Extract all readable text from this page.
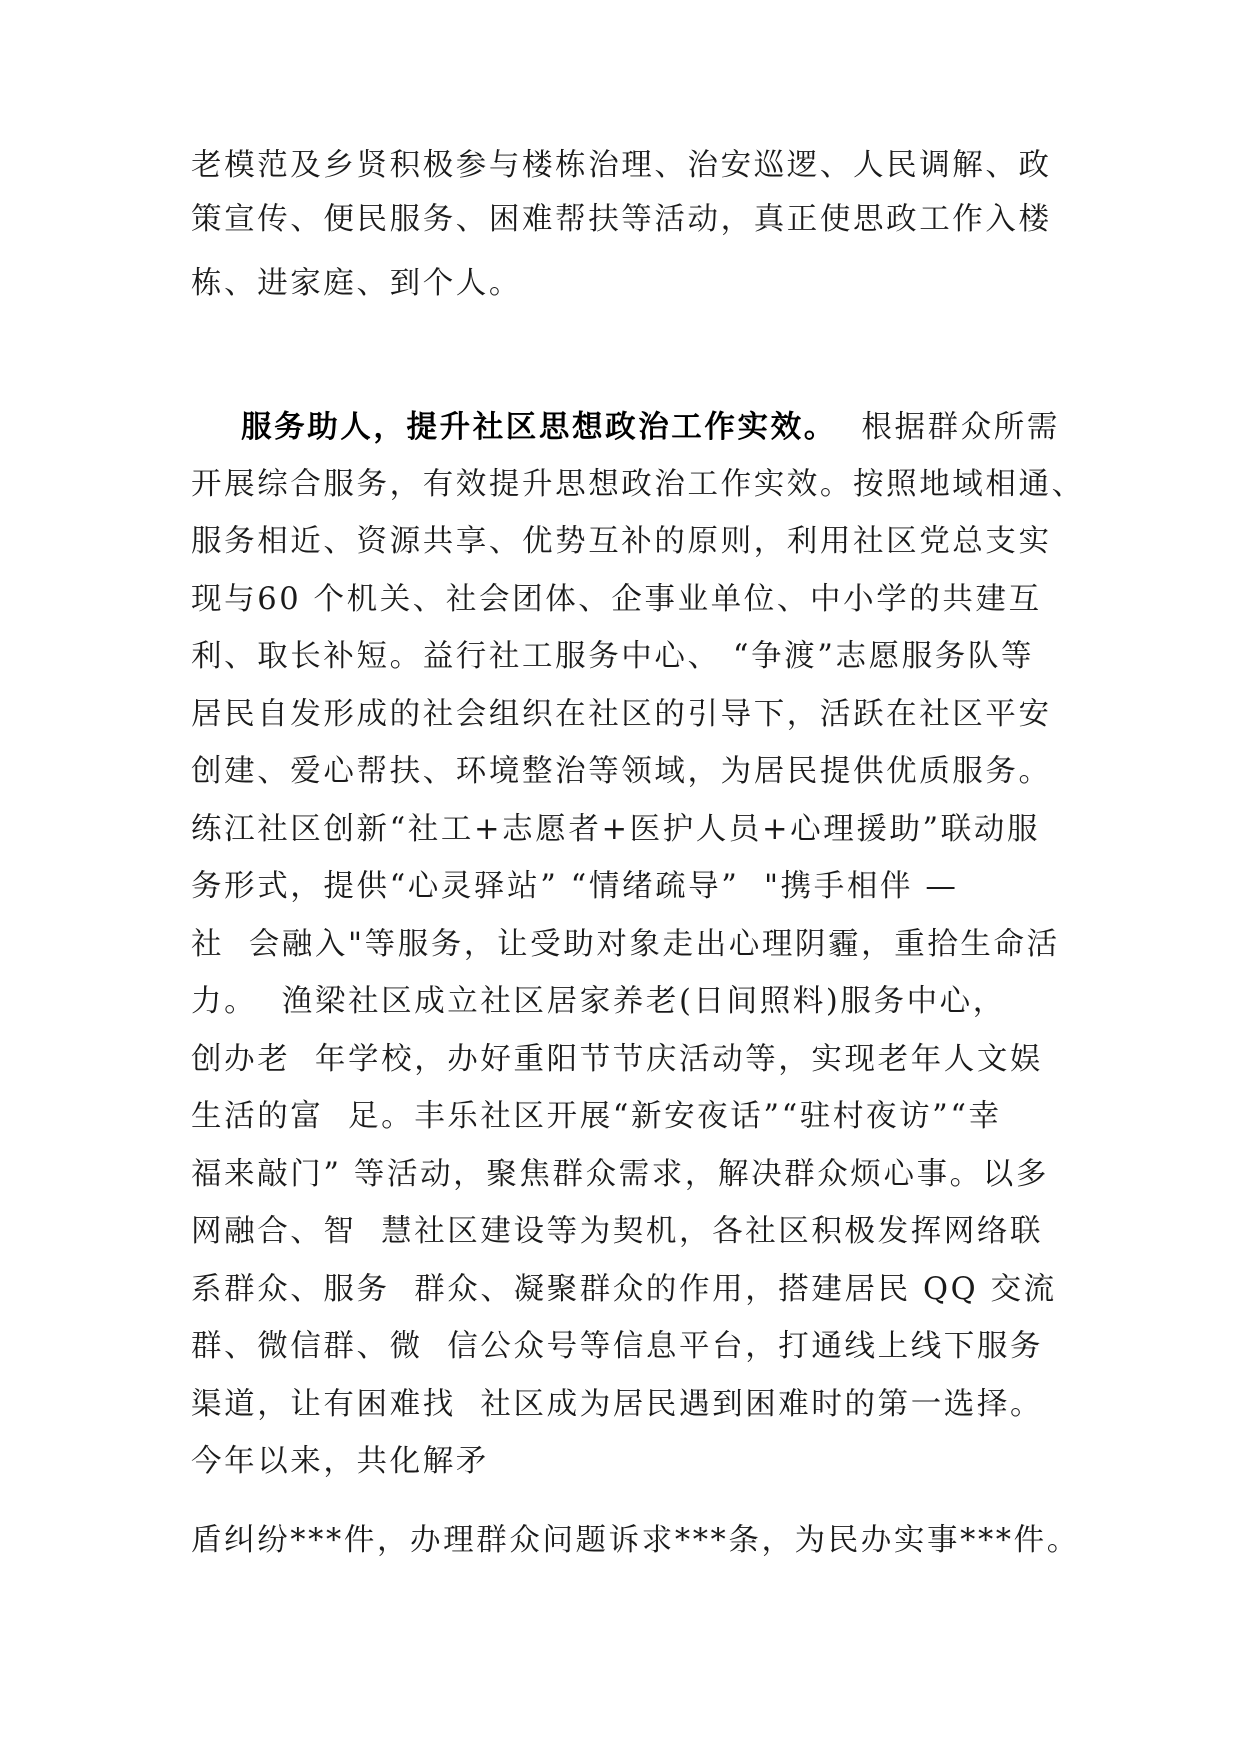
老模范及乡贤积极参与楼栋治理、治安巡逻、人民调解、政

策宣传、便民服务、困难帮扶等活动，真正使思政工作入楼

栋、进家庭、到个人。

服务助人，提升社区思想政治工作实效。 根据群众所需

开展综合服务，有效提升思想政治工作实效。按照地域相通、

服务相近、资源共享、优势互补的原则，利用社区党总支实

现与60 个机关、社会团体、企事业单位、中小学的共建互

利、取长补短。益行社工服务中心、 “争渡”志愿服务队等

居民自发形成的社会组织在社区的引导下，活跃在社区平安

创建、爱心帮扶、环境整治等领域，为居民提供优质服务。

练江社区创新“社工+志愿者+医护人员+心理援助”联动服

务形式，提供“心灵驿站” “情绪疏导”  "携手相伴 —

社  会融入"等服务，让受助对象走出心理阴霾，重拾生命活

力。  渔梁社区成立社区居家养老(日间照料)服务中心，

创办老  年学校，办好重阳节节庆活动等，实现老年人文娱

生活的富  足。丰乐社区开展“新安夜话”“驻村夜访”“幸

福来敲门” 等活动，聚焦群众需求，解决群众烦心事。以多

网融合、智  慧社区建设等为契机，各社区积极发挥网络联

系群众、服务  群众、凝聚群众的作用，搭建居民 QQ 交流

群、微信群、微  信公众号等信息平台，打通线上线下服务

渠道，让有困难找  社区成为居民遇到困难时的第一选择。

今年以来，共化解矛

盾纠纷***件，办理群众问题诉求***条，为民办实事***件。
